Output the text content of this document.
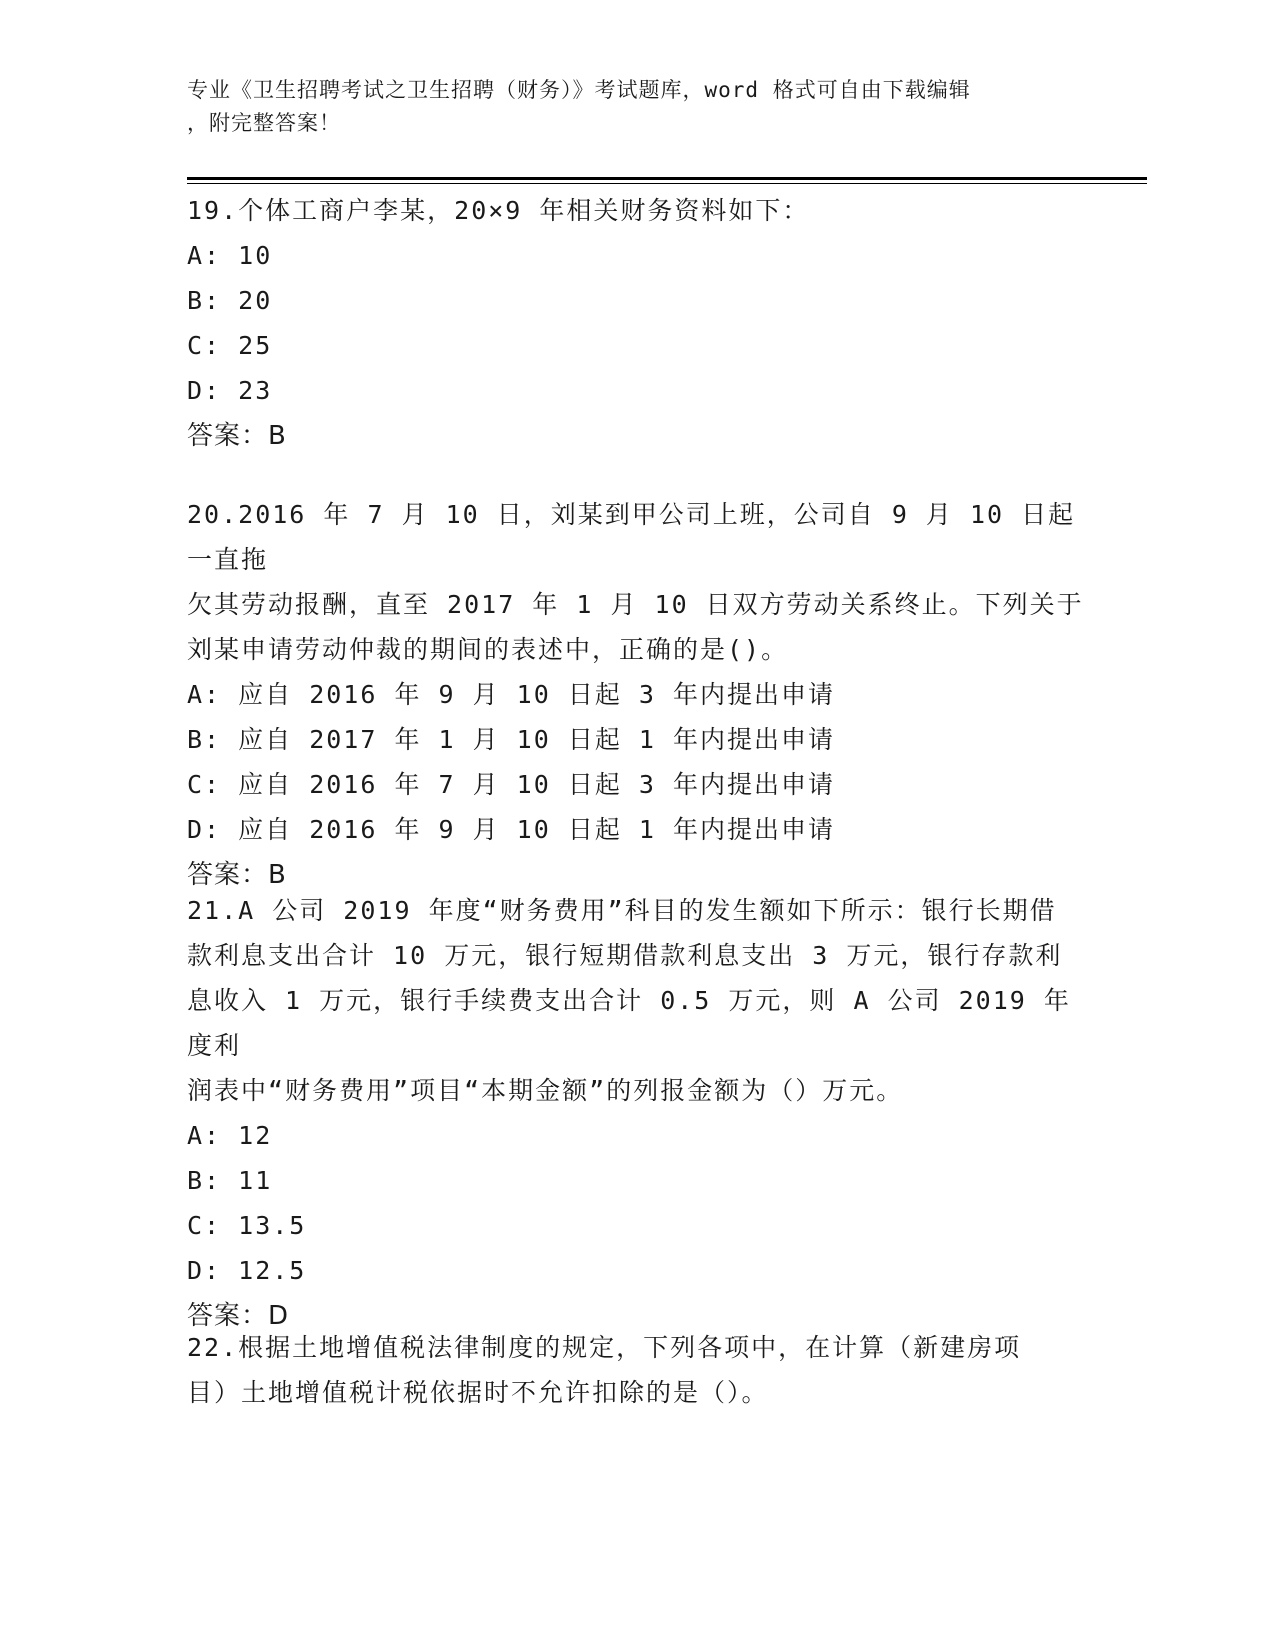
专业《卫生招聘考试之卫生招聘（财务）》考试题库，word 格式可自由下载编辑
，附完整答案！
19.个体工商户李某，20×9 年相关财务资料如下：
A: 10
B: 20
C: 25
D: 23
答案：B
20.2016 年 7 月 10 日，刘某到甲公司上班，公司自 9 月 10 日起一直拖
欠其劳动报酬，直至 2017 年 1 月 10 日双方劳动关系终止。下列关于
刘某申请劳动仲裁的期间的表述中，正确的是()。
A: 应自 2016 年 9 月 10 日起 3 年内提出申请
B: 应自 2017 年 1 月 10 日起 1 年内提出申请
C: 应自 2016 年 7 月 10 日起 3 年内提出申请
D: 应自 2016 年 9 月 10 日起 1 年内提出申请
答案：B
21.A 公司 2019 年度“财务费用”科目的发生额如下所示：银行长期借
款利息支出合计 10 万元，银行短期借款利息支出 3 万元，银行存款利
息收入 1 万元，银行手续费支出合计 0.5 万元，则 A 公司 2019 年度利
润表中“财务费用”项目“本期金额”的列报金额为（）万元。
A: 12
B: 11
C: 13.5
D: 12.5
答案：D
22.根据土地增值税法律制度的规定，下列各项中，在计算（新建房项
目）土地增值税计税依据时不允许扣除的是（）。
